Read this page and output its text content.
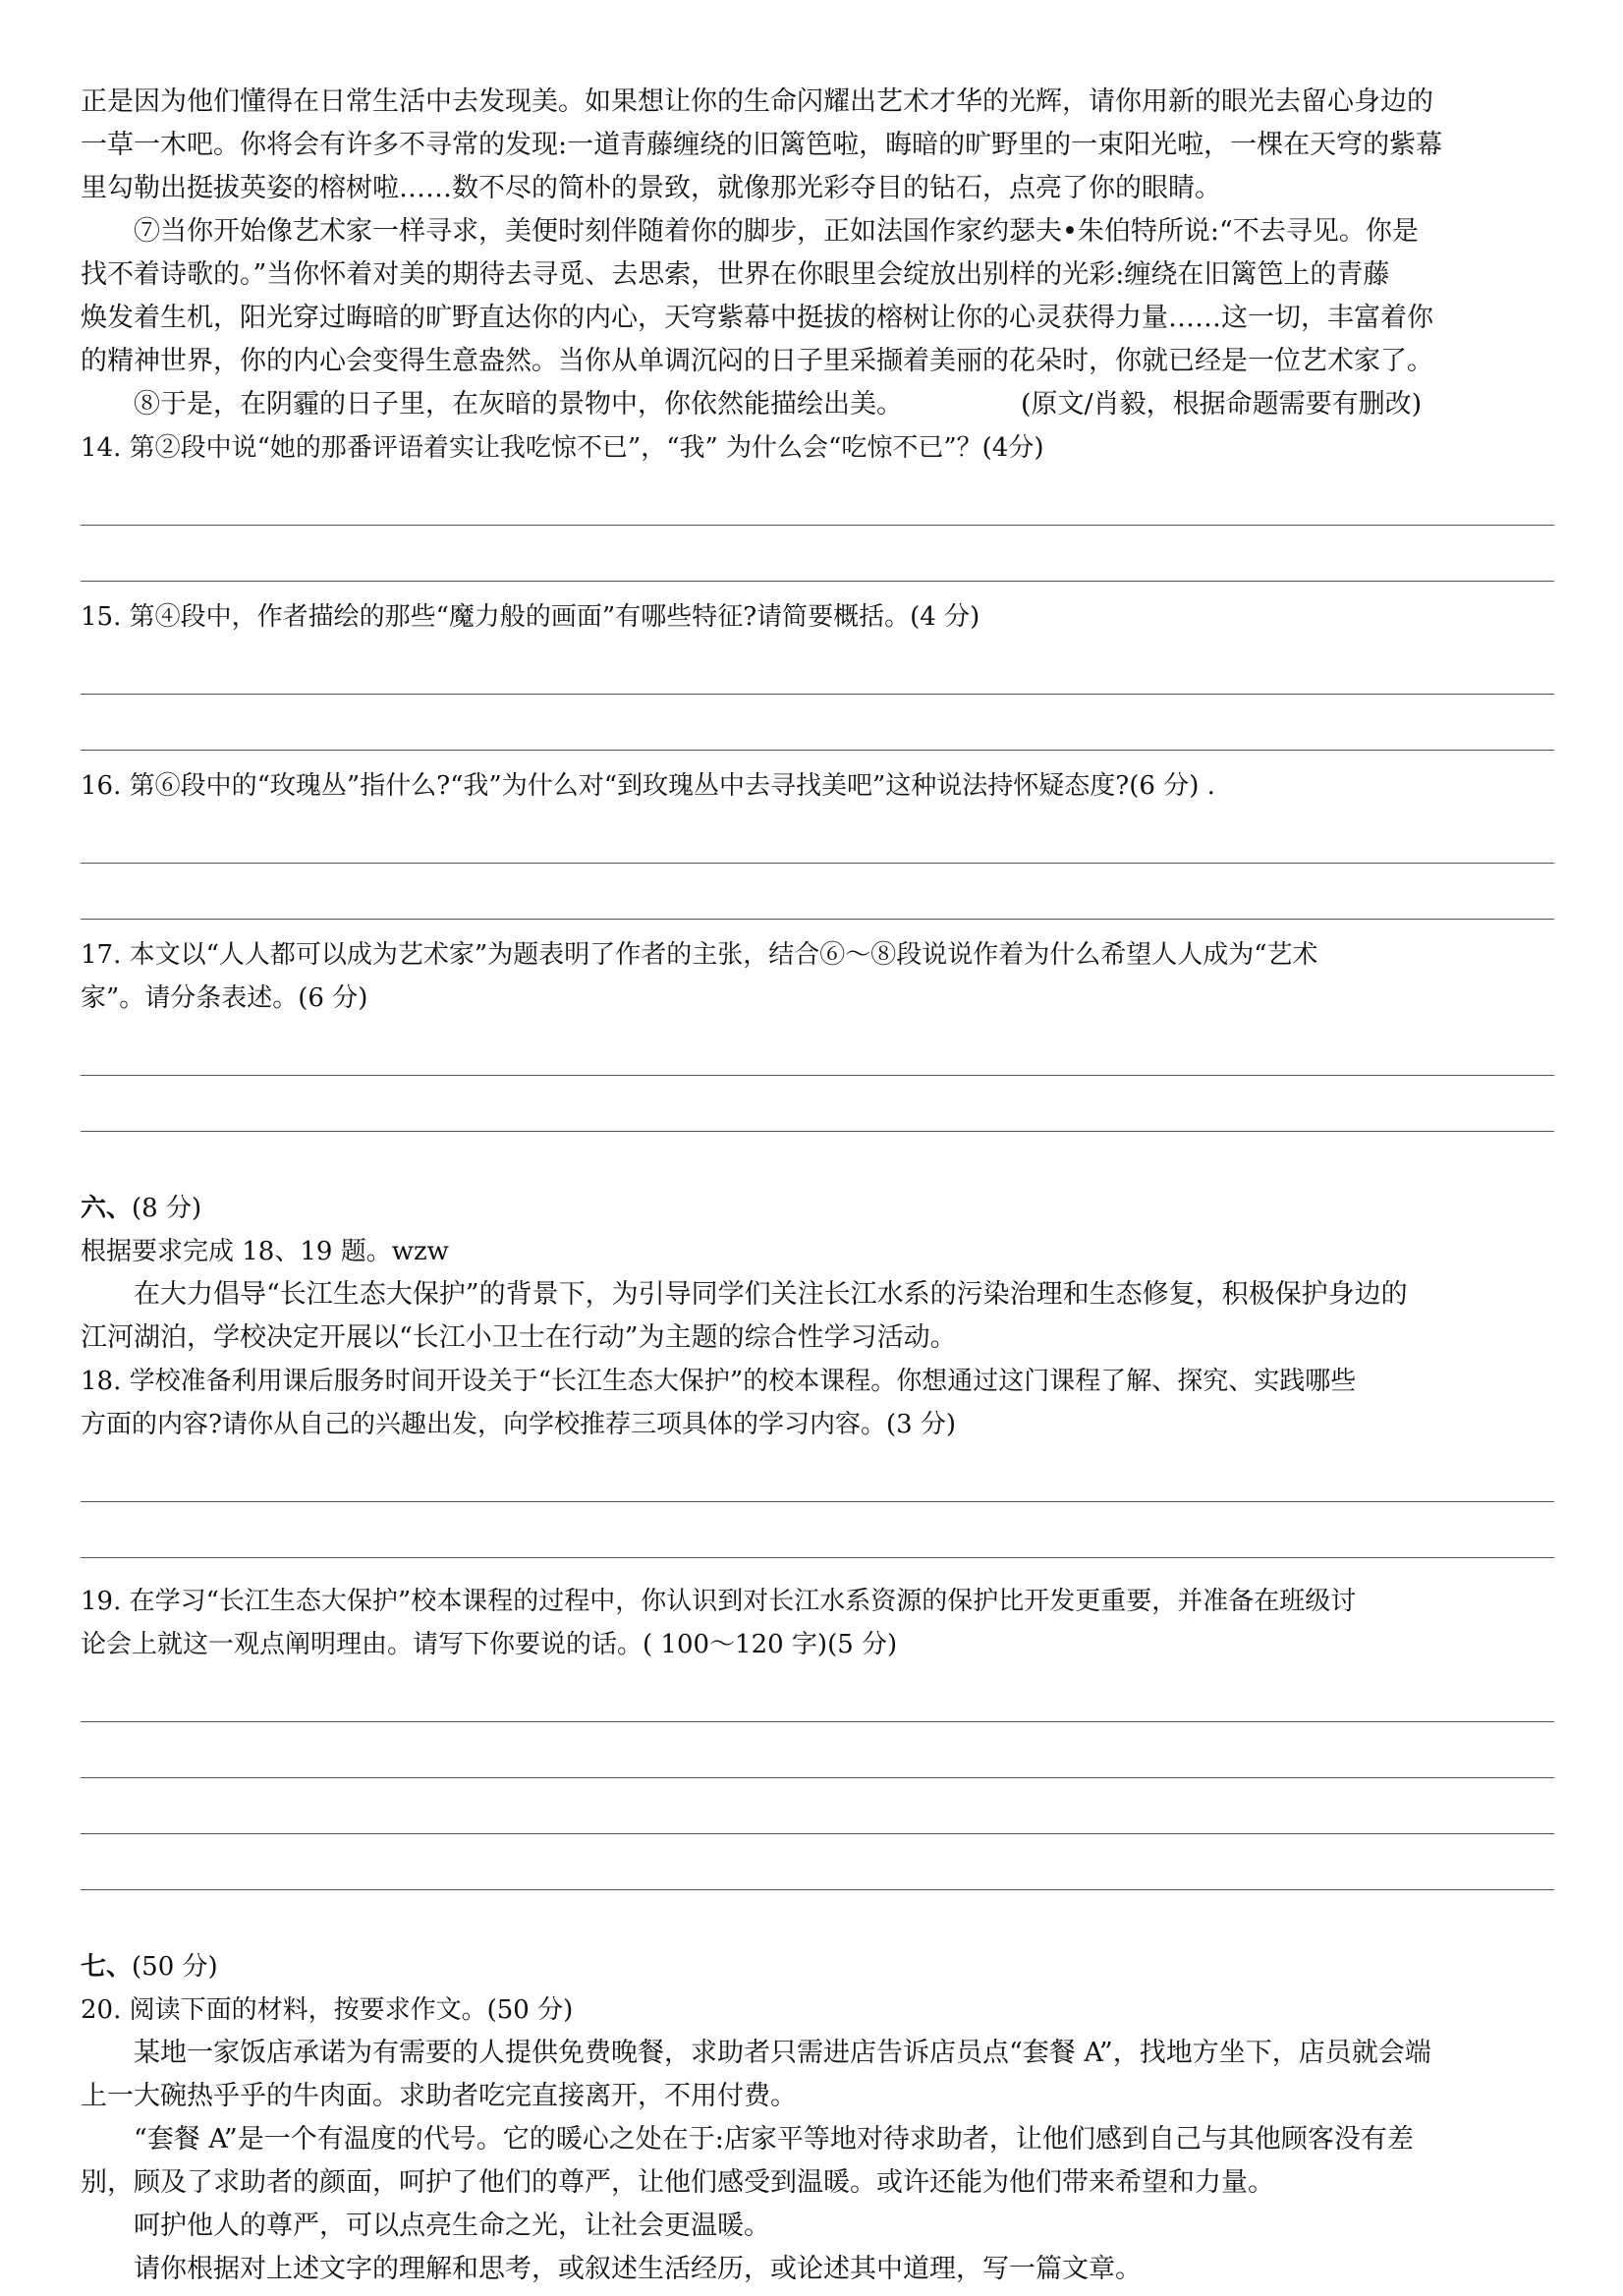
正是因为他们懂得在日常生活中去发现美。如果想让你的生命闪耀出艺术才华的光辉，请你用新的眼光去留心身边的

一草一木吧。你将会有许多不寻常的发现:一道青藤缠绕的旧篱笆啦，晦暗的旷野里的一束阳光啦，一棵在天穹的紫幕

里勾勒出挺拔英姿的榕树啦……数不尽的简朴的景致，就像那光彩夺目的钻石，点亮了你的眼睛。

⑦当你开始像艺术家一样寻求，美便时刻伴随着你的脚步，正如法国作家约瑟夫•朱伯特所说:“不去寻见。你是

找不着诗歌的。”当你怀着对美的期待去寻觅、去思索，世界在你眼里会绽放出别样的光彩:缠绕在旧篱笆上的青藤

焕发着生机，阳光穿过晦暗的旷野直达你的内心，天穹紫幕中挺拔的榕树让你的心灵获得力量……这一切，丰富着你

的精神世界，你的内心会变得生意盎然。当你从单调沉闷的日子里采撷着美丽的花朵时，你就已经是一位艺术家了。

⑧于是，在阴霾的日子里，在灰暗的景物中，你依然能描绘出美。	(原文/肖毅，根据命题需要有删改)

14. 第②段中说“她的那番评语着实让我吃惊不已”，“我” 为什么会“吃惊不已”？(4分)

15. 第④段中，作者描绘的那些“魔力般的画面”有哪些特征?请简要概括。(4 分)

16. 第⑥段中的“玫瑰丛”指什么?“我”为什么对“到玫瑰丛中去寻找美吧”这种说法持怀疑态度?(6 分) .

17. 本文以“人人都可以成为艺术家”为题表明了作者的主张，结合⑥～⑧段说说作着为什么希望人人成为“艺术

家”。请分条表述。(6 分)

六、(8 分)

根据要求完成 18、19 题。wzw

在大力倡导“长江生态大保护”的背景下，为引导同学们关注长江水系的污染治理和生态修复，积极保护身边的

江河湖泊，学校决定开展以“长江小卫士在行动”为主题的综合性学习活动。

18. 学校准备利用课后服务时间开设关于“长江生态大保护”的校本课程。你想通过这门课程了解、探究、实践哪些

方面的内容?请你从自己的兴趣出发，向学校推荐三项具体的学习内容。(3 分)

19. 在学习“长江生态大保护”校本课程的过程中，你认识到对长江水系资源的保护比开发更重要，并准备在班级讨

论会上就这一观点阐明理由。请写下你要说的话。( 100～120 字)(5 分)

七、(50 分)

20. 阅读下面的材料，按要求作文。(50 分)

某地一家饭店承诺为有需要的人提供免费晚餐，求助者只需进店告诉店员点“套餐 A”，找地方坐下，店员就会端

上一大碗热乎乎的牛肉面。求助者吃完直接离开，不用付费。

“套餐 A”是一个有温度的代号。它的暖心之处在于:店家平等地对待求助者，让他们感到自己与其他顾客没有差

别，顾及了求助者的颜面，呵护了他们的尊严，让他们感受到温暖。或许还能为他们带来希望和力量。

呵护他人的尊严，可以点亮生命之光，让社会更温暖。

请你根据对上述文字的理解和思考，或叙述生活经历，或论述其中道理，写一篇文章。
